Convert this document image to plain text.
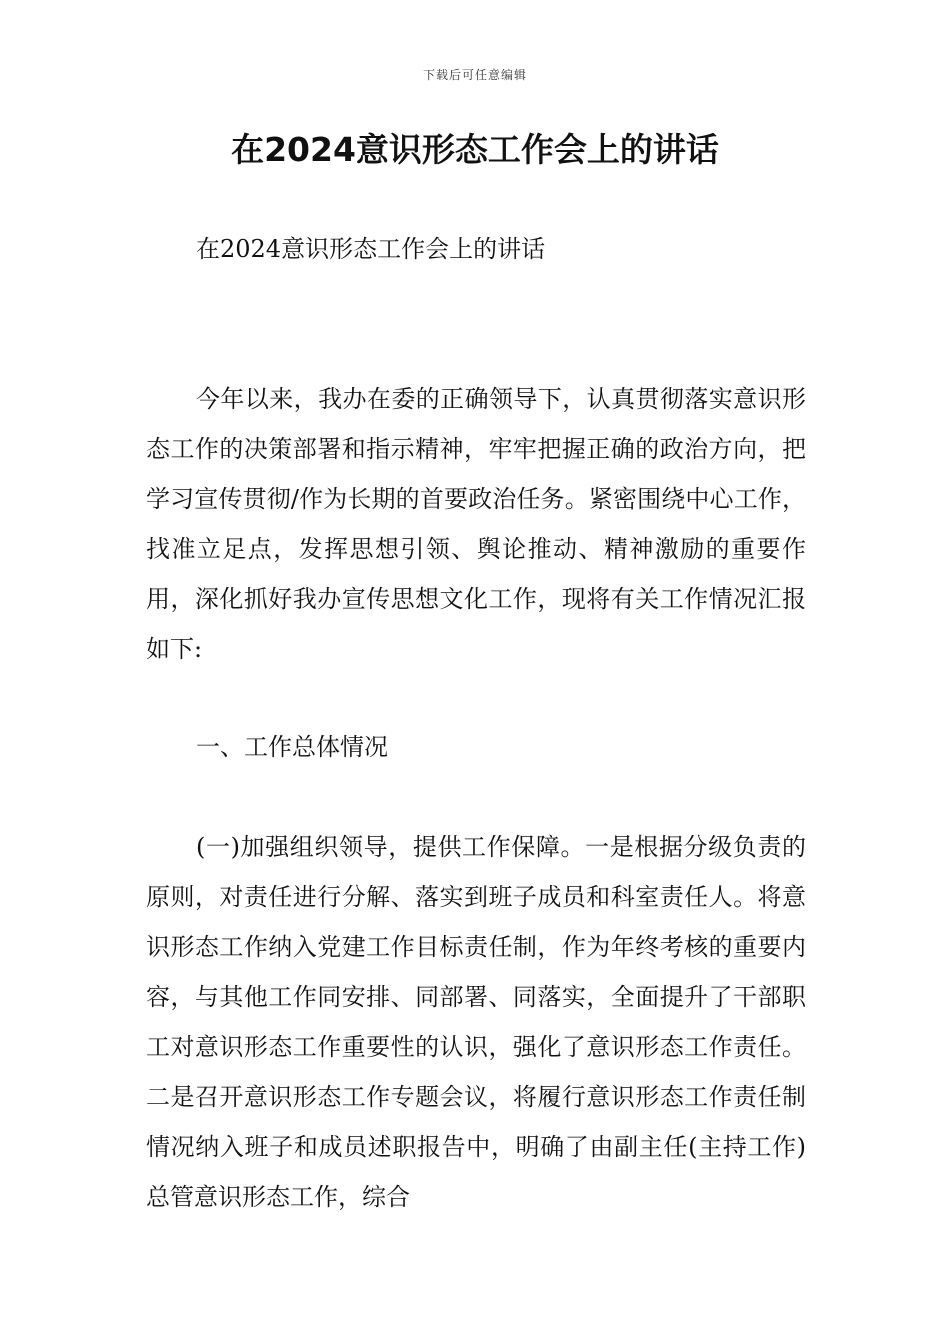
下载后可任意编辑
在2024意识形态工作会上的讲话

在2024意识形态工作会上的讲话

今年以来，我办在委的正确领导下，认真贯彻落实意识形态工作的决策部署和指示精神，牢牢把握正确的政治方向，把学习宣传贯彻/作为长期的首要政治任务。紧密围绕中心工作，找准立足点，发挥思想引领、舆论推动、精神激励的重要作用，深化抓好我办宣传思想文化工作，现将有关工作情况汇报如下:

一、工作总体情况

(一)加强组织领导，提供工作保障。一是根据分级负责的原则，对责任进行分解、落实到班子成员和科室责任人。将意识形态工作纳入党建工作目标责任制，作为年终考核的重要内容，与其他工作同安排、同部署、同落实，全面提升了干部职工对意识形态工作重要性的认识，强化了意识形态工作责任。二是召开意识形态工作专题会议，将履行意识形态工作责任制情况纳入班子和成员述职报告中，明确了由副主任(主持工作)总管意识形态工作，综合
